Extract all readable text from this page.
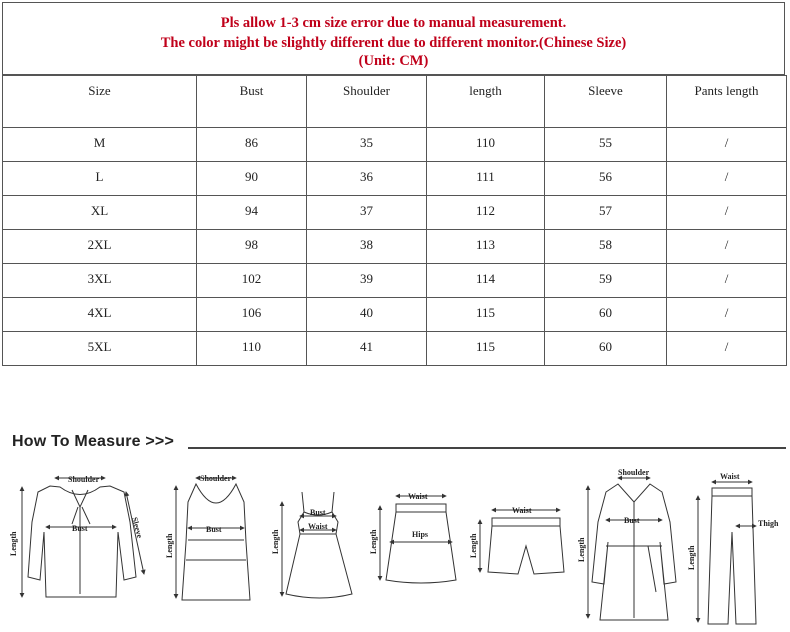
Pls allow 1-3 cm size error due to manual measurement.
The color might be slightly different due to different monitor.(Chinese Size)
(Unit: CM)
Size	Bust	Shoulder	length	Sleeve	Pants length
M	86	35	110	55	/
L	90	36	111	56	/
XL	94	37	112	57	/
2XL	98	38	113	58	/
3XL	102	39	114	59	/
4XL	106	40	115	60	/
5XL	110	41	115	60	/
How To Measure >>>
Shoulder
Bust
Length
Sleeve
Shoulder
Bust
Length
Bust
Waist
Length
Waist
Hips
Length
Waist
Length
Shoulder
Bust
Length
Waist
Thigh
Length
